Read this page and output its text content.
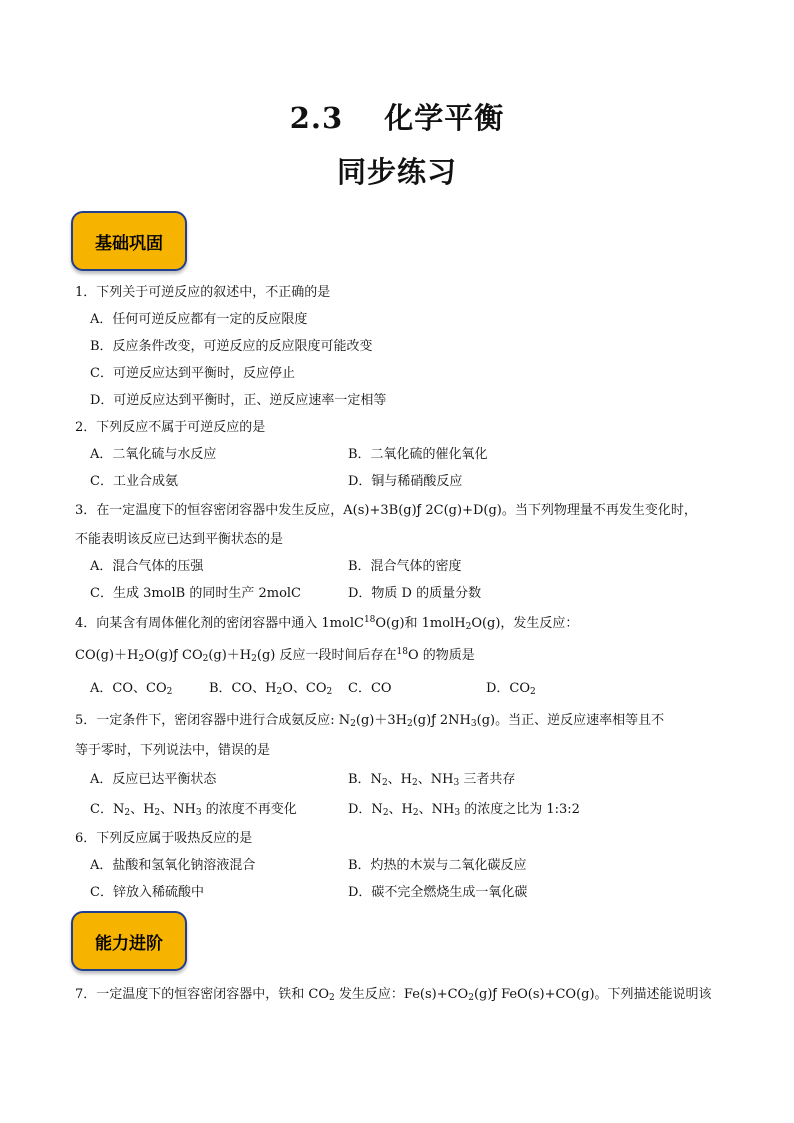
2.3　 化学平衡
同步练习
基础巩固
1．下列关于可逆反应的叙述中，不正确的是
A．任何可逆反应都有一定的反应限度
B．反应条件改变，可逆反应的反应限度可能改变
C．可逆反应达到平衡时，反应停止
D．可逆反应达到平衡时，正、逆反应速率一定相等
2．下列反应不属于可逆反应的是
A．二氧化硫与水反应	B．二氧化硫的催化氧化
C．工业合成氨	D．铜与稀硝酸反应
3．在一定温度下的恒容密闭容器中发生反应，A(s)+3B(g)ƒ 2C(g)+D(g)。当下列物理量不再发生变化时，
不能表明该反应已达到平衡状态的是
A．混合气体的压强	B．混合气体的密度
C．生成 3molB 的同时生产 2molC	D．物质 D 的质量分数
4．向某含有周体催化剂的密闭容器中通入 1molC$^{18}$O(g)和 1molH$_2$O(g)，发生反应：
$CO(g)+H_2O(g)ƒ$ $CO_2(g)+H_2(g)$ 反应一段时间后存在$^{18}$O 的物质是
A．CO、$CO_2$	B．CO、$H_2O$、$CO_2$ C．CO	D．$CO_2$
5．一定条件下，密闭容器中进行合成氨反应: $N_2(g)+3H_2(g)ƒ$ $2NH_3(g)$。当正、逆反应速率相等且不
等于零时，下列说法中，错误的是
A．反应已达平衡状态	B．$N_2$、$H_2$、$NH_3$ 三者共存
C．$N_2$、$H_2$、$NH_3$ 的浓度不再变化	D．$N_2$、$H_2$、$NH_3$ 的浓度之比为 1:3:2
6．下列反应属于吸热反应的是
A．盐酸和氢氧化钠溶液混合	B．灼热的木炭与二氧化碳反应
C．锌放入稀硫酸中	D．碳不完全燃烧生成一氧化碳
能力进阶
7．一定温度下的恒容密闭容器中，铁和 $CO_2$ 发生反应：$Fe(s)+CO_2(g)ƒ$ FeO(s)+CO(g)。下列描述能说明该
